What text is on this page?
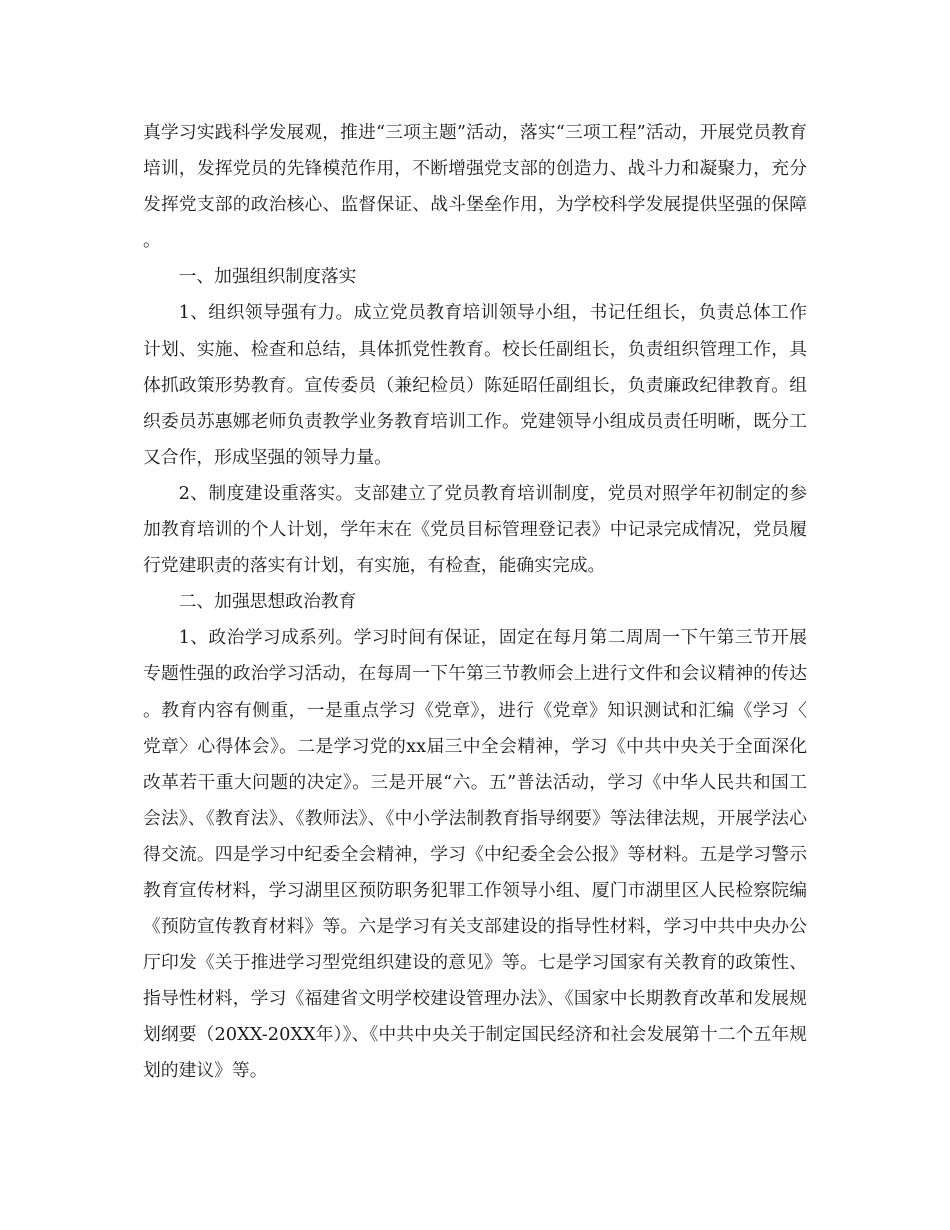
真学习实践科学发展观，推进“三项主题”活动，落实“三项工程”活动，开展党员教育培训，发挥党员的先锋模范作用，不断增强党支部的创造力、战斗力和凝聚力，充分发挥党支部的政治核心、监督保证、战斗堡垒作用，为学校科学发展提供坚强的保障。

一、加强组织制度落实

1、组织领导强有力。成立党员教育培训领导小组，书记任组长，负责总体工作计划、实施、检查和总结，具体抓党性教育。校长任副组长，负责组织管理工作，具体抓政策形势教育。宣传委员（兼纪检员）陈延昭任副组长，负责廉政纪律教育。组织委员苏惠娜老师负责教学业务教育培训工作。党建领导小组成员责任明晰，既分工又合作，形成坚强的领导力量。

2、制度建设重落实。支部建立了党员教育培训制度，党员对照学年初制定的参加教育培训的个人计划，学年末在《党员目标管理登记表》中记录完成情况，党员履行党建职责的落实有计划，有实施，有检查，能确实完成。

二、加强思想政治教育

1、政治学习成系列。学习时间有保证，固定在每月第二周周一下午第三节开展专题性强的政治学习活动，在每周一下午第三节教师会上进行文件和会议精神的传达。教育内容有侧重，一是重点学习《党章》，进行《党章》知识测试和汇编《学习〈党章〉心得体会》。二是学习党的xx届三中全会精神，学习《中共中央关于全面深化改革若干重大问题的决定》。三是开展“六。五”普法活动，学习《中华人民共和国工会法》、《教育法》、《教师法》、《中小学法制教育指导纲要》等法律法规，开展学法心得交流。四是学习中纪委全会精神，学习《中纪委全会公报》等材料。五是学习警示教育宣传材料，学习湖里区预防职务犯罪工作领导小组、厦门市湖里区人民检察院编《预防宣传教育材料》等。六是学习有关支部建设的指导性材料，学习中共中央办公厅印发《关于推进学习型党组织建设的意见》等。七是学习国家有关教育的政策性、指导性材料，学习《福建省文明学校建设管理办法》、《国家中长期教育改革和发展规划纲要（20XX-20XX年）》、《中共中央关于制定国民经济和社会发展第十二个五年规划的建议》等。
